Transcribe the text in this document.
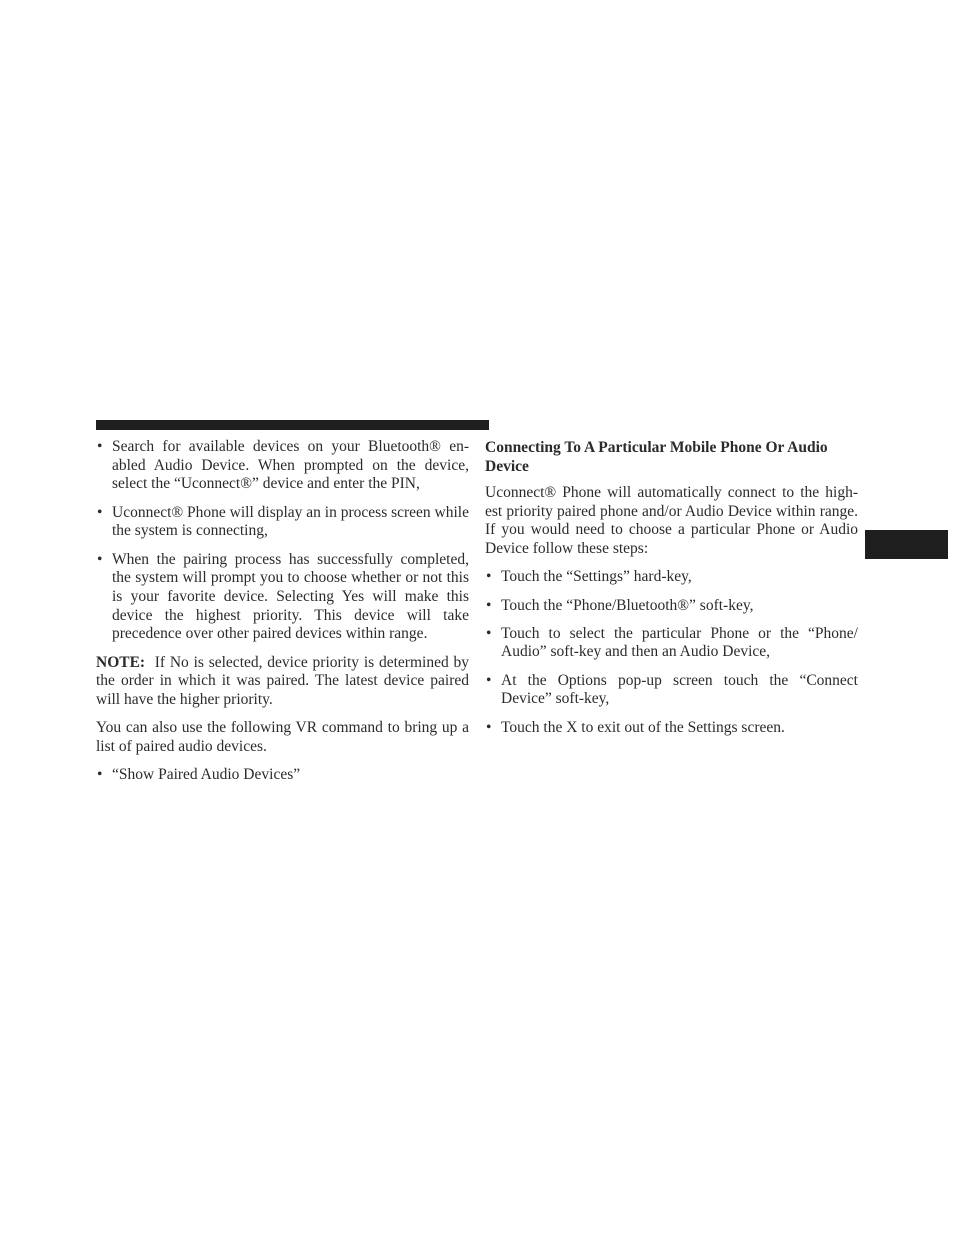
• Search for available devices on your Bluetooth® en-abled Audio Device. When prompted on the device, select the “Uconnect®” device and enter the PIN,
• Uconnect® Phone will display an in process screen while the system is connecting,
• When the pairing process has successfully completed, the system will prompt you to choose whether or not this is your favorite device. Selecting Yes will make this device the highest priority. This device will take precedence over other paired devices within range.

NOTE: If No is selected, device priority is determined by the order in which it was paired. The latest device paired will have the higher priority.

You can also use the following VR command to bring up a list of paired audio devices.

• “Show Paired Audio Devices”

Connecting To A Particular Mobile Phone Or Audio Device

Uconnect® Phone will automatically connect to the high-est priority paired phone and/or Audio Device within range. If you would need to choose a particular Phone or Audio Device follow these steps:

• Touch the “Settings” hard-key,
• Touch the “Phone/Bluetooth®” soft-key,
• Touch to select the particular Phone or the “Phone/ Audio” soft-key and then an Audio Device,
• At the Options pop-up screen touch the “Connect Device” soft-key,
• Touch the X to exit out of the Settings screen.
